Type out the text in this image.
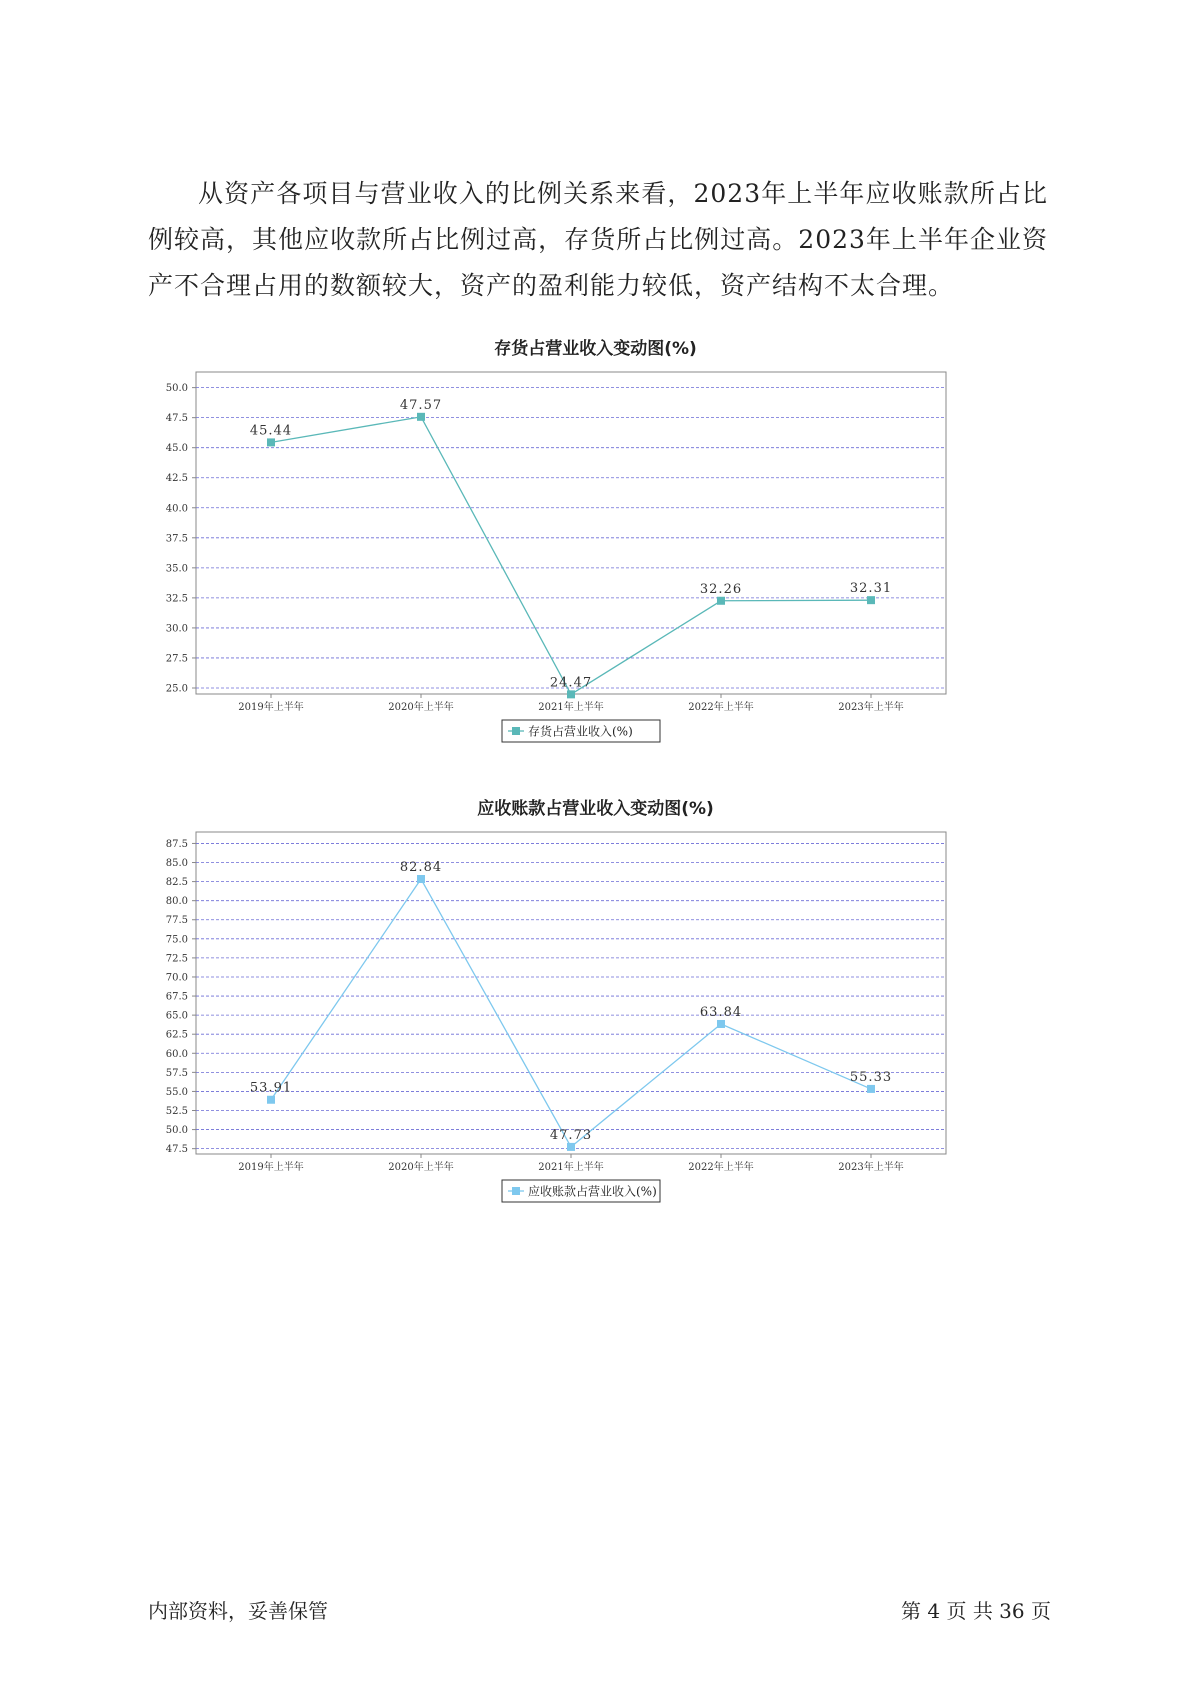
从资产各项目与营业收入的比例关系来看，2023年上半年应收账款所占比例较高，其他应收款所占比例过高，存货所占比例过高。2023年上半年企业资产不合理占用的数额较大，资产的盈利能力较低，资产结构不太合理。

存货占营业收入变动图(%)
25.0
27.5
30.0
32.5
35.0
37.5
40.0
42.5
45.0
47.5
50.0
2019年上半年	2020年上半年	2021年上半年	2022年上半年	2023年上半年
45.44
47.57
24.47
32.26	32.31
存货占营业收入(%)
应收账款占营业收入变动图(%)
47.5
50.0
52.5
55.0
57.5
60.0
62.5
65.0
67.5
70.0
72.5
75.0
77.5
80.0
82.5
85.0
87.5
2019年上半年	2020年上半年	2021年上半年	2022年上半年	2023年上半年
53.91
82.84
47.73
63.84
55.33
应收账款占营业收入(%)
内部资料，妥善保管	第 4 页 共 36 页
